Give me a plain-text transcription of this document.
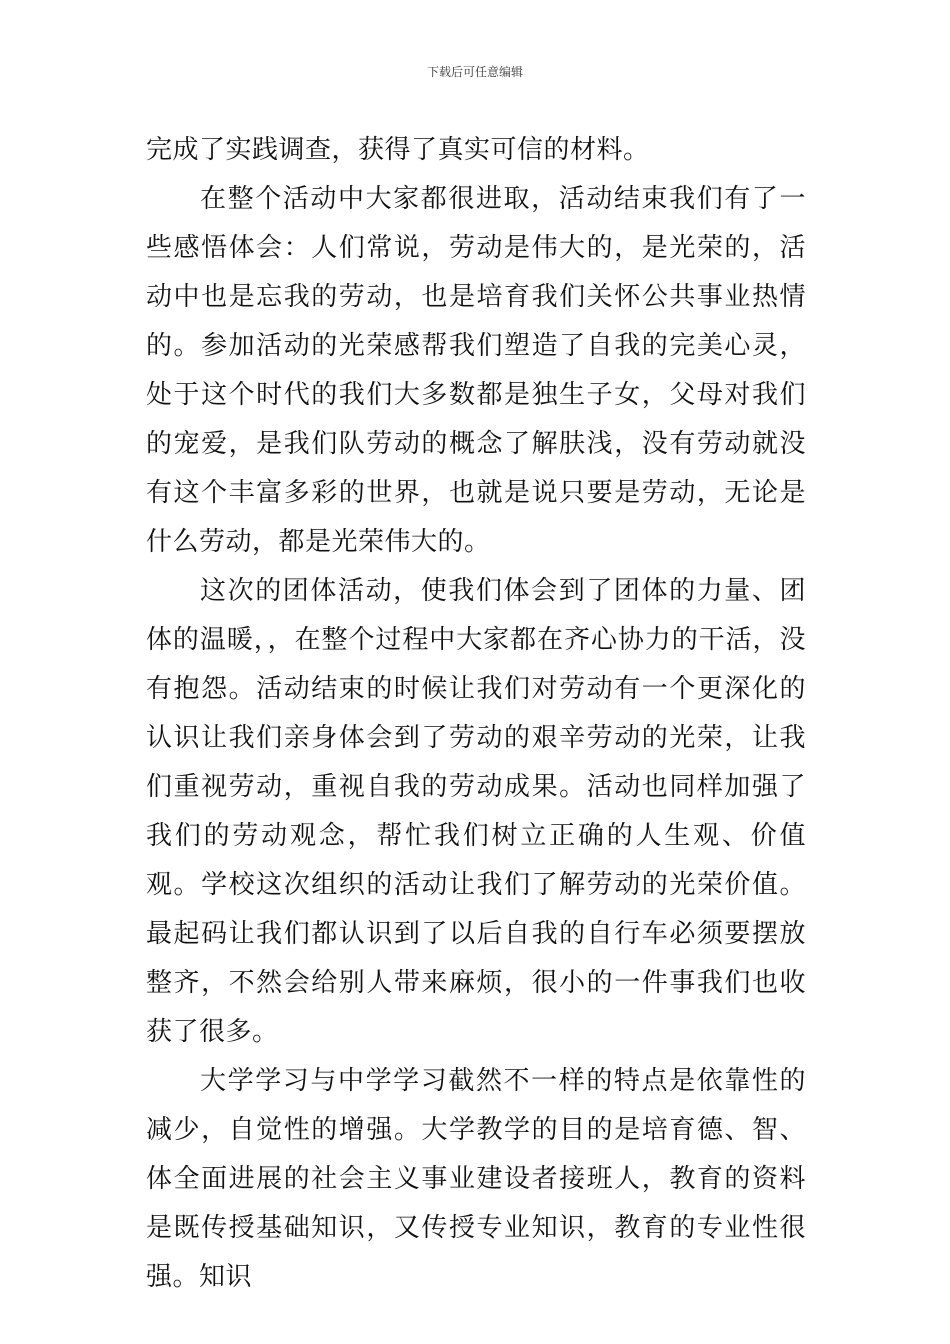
下载后可任意编辑

完成了实践调查，获得了真实可信的材料。

在整个活动中大家都很进取，活动结束我们有了一些感悟体会：人们常说，劳动是伟大的，是光荣的，活动中也是忘我的劳动，也是培育我们关怀公共事业热情的。参加活动的光荣感帮我们塑造了自我的完美心灵，处于这个时代的我们大多数都是独生子女，父母对我们的宠爱，是我们队劳动的概念了解肤浅，没有劳动就没有这个丰富多彩的世界，也就是说只要是劳动，无论是什么劳动，都是光荣伟大的。

这次的团体活动，使我们体会到了团体的力量、团体的温暖，，在整个过程中大家都在齐心协力的干活，没有抱怨。活动结束的时候让我们对劳动有一个更深化的认识让我们亲身体会到了劳动的艰辛劳动的光荣，让我们重视劳动，重视自我的劳动成果。活动也同样加强了我们的劳动观念，帮忙我们树立正确的人生观、价值观。学校这次组织的活动让我们了解劳动的光荣价值。最起码让我们都认识到了以后自我的自行车必须要摆放整齐，不然会给别人带来麻烦，很小的一件事我们也收获了很多。

大学学习与中学学习截然不一样的特点是依靠性的减少，自觉性的增强。大学教学的目的是培育德、智、体全面进展的社会主义事业建设者接班人，教育的资料是既传授基础知识，又传授专业知识，教育的专业性很强。知识
